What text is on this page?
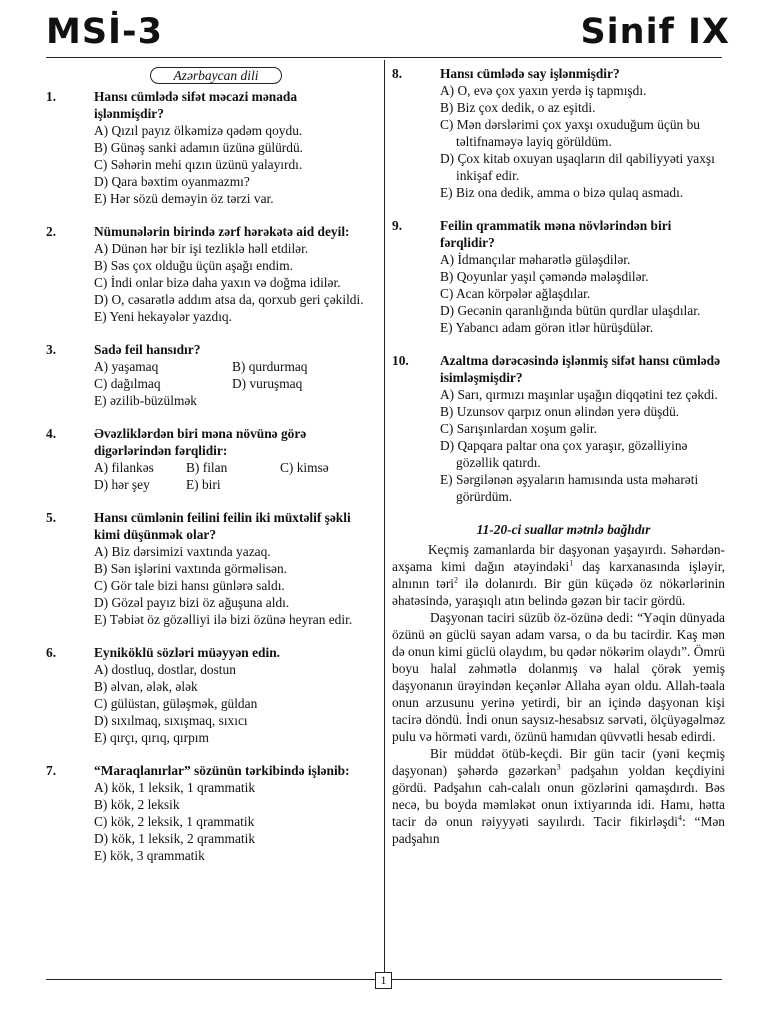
MSİ-3	Sinif IX
1
Azərbaycan dili
1.	Hansı cümlədə sifət məcazi mənada işlənmişdir?
A) Qızıl payız ölkəmizə qədəm qoydu.
B) Günəş sanki adamın üzünə gülürdü.
C) Səhərin mehi qızın üzünü yalayırdı.
D) Qara bəxtim oyanmazmı?
E) Hər sözü deməyin öz tərzi var.
2.	Nümunələrin birində zərf hərəkətə aid deyil:
A) Dünən hər bir işi tezliklə həll etdilər.
B) Səs çox olduğu üçün aşağı endim.
C) İndi onlar bizə daha yaxın və doğma idilər.
D) O, cəsarətlə addım atsa da, qorxub geri çəkildi.
E) Yeni hekayələr yazdıq.
3.	Sadə feil hansıdır?
A) yaşamaq	B) qurdurmaq
C) dağılmaq	D) vuruşmaq
E) əzilib-büzülmək
4.	Əvəzliklərdən biri məna növünə görə digərlərindən fərqlidir:
A) filankəs	B) filan	C) kimsə
D) hər şey	E) biri
5.	Hansı cümlənin feilini feilin iki müxtəlif şəkli kimi düşünmək olar?
A) Biz dərsimizi vaxtında yazaq.
B) Sən işlərini vaxtında görməlisən.
C) Gör tale bizi hansı günlərə saldı.
D) Gözəl payız bizi öz ağuşuna aldı.
E) Təbiət öz gözəlliyi ilə bizi özünə heyran edir.
6.	Eyniköklü sözləri müəyyən edin.
A) dostluq, dostlar, dostun
B) əlvan, ələk, ələk
C) gülüstan, güləşmək, güldan
D) sıxılmaq, sıxışmaq, sıxıcı
E) qırçı, qırıq, qırpım
7.	“Maraqlanırlar” sözünün tərkibində işlənib:
A) kök, 1 leksik, 1 qrammatik
B) kök, 2 leksik
C) kök, 2 leksik, 1 qrammatik
D) kök, 1 leksik, 2 qrammatik
E) kök, 3 qrammatik
8.	Hansı cümlədə say işlənmişdir?
A) O, evə çox yaxın yerdə iş tapmışdı.
B) Biz çox dedik, o az eşitdi.
C) Mən dərslərimi çox yaxşı oxuduğum üçün bu təltifnaməyə layiq görüldüm.
D) Çox kitab oxuyan uşaqların dil qabiliyyəti yaxşı inkişaf edir.
E) Biz ona dedik, amma o bizə qulaq asmadı.
9.	Feilin qrammatik məna növlərindən biri fərqlidir?
A) İdmançılar məharətlə güləşdilər.
B) Qoyunlar yaşıl çəməndə mələşdilər.
C) Acan körpələr ağlaşdılar.
D) Gecənin qaranlığında bütün qurdlar ulaşdılar.
E) Yabancı adam görən itlər hürüşdülər.
10. Azaltma dərəcəsində işlənmiş sifət hansı cümlədə isimləşmişdir?
A) Sarı, qırmızı maşınlar uşağın diqqətini tez çəkdi.
B) Uzunsov qarpız onun əlindən yerə düşdü.
C) Sarışınlardan xoşum gəlir.
D) Qapqara paltar ona çox yaraşır, gözəlliyinə gözəllik qatırdı.
E) Sərgilənən əşyaların hamısında usta məharəti görürdüm.
11-20-ci suallar mətnlə bağlıdır

Keçmiş zamanlarda bir daşyonan yaşayırdı. Səhərdən-axşama kimi dağın ətəyindəki$^1$ daş karxanasında işləyir, alnının təri$^2$ ilə dolanırdı. Bir gün küçədə öz nökərlərinin əhatəsində, yaraşıqlı atın belində gəzən bir tacir gördü.

Daşyonan taciri süzüb öz-özünə dedi: “Yəqin dünyada özünü ən güclü sayan adam varsa, o da bu tacirdir. Kaş mən də onun kimi güclü olaydım, bu qədər nökərim olaydı”. Ömrü boyu halal zəhmətlə dolanmış və halal çörək yemiş daşyonanın ürəyindən keçənlər Allaha əyan oldu. Allah-təala onun arzusunu yerinə yetirdi, bir an içində daşyonan kişi tacirə döndü. İndi onun saysız-hesabsız sərvəti, ölçüyəgəlməz pulu və hörməti vardı, özünü hamıdan qüvvətli hesab edirdi.

Bir müddət ötüb-keçdi. Bir gün tacir (yəni keçmiş daşyonan) şəhərdə gəzərkən$^3$ padşahın yoldan keçdiyini gördü. Padşahın cah-calalı onun gözlərini qamaşdırdı. Bəs necə, bu boyda məmləkət onun ixtiyarında idi. Hamı, hətta tacir də onun rəiyyyəti sayılırdı. Tacir fikirləşdi$^4$: “Mən padşahın
